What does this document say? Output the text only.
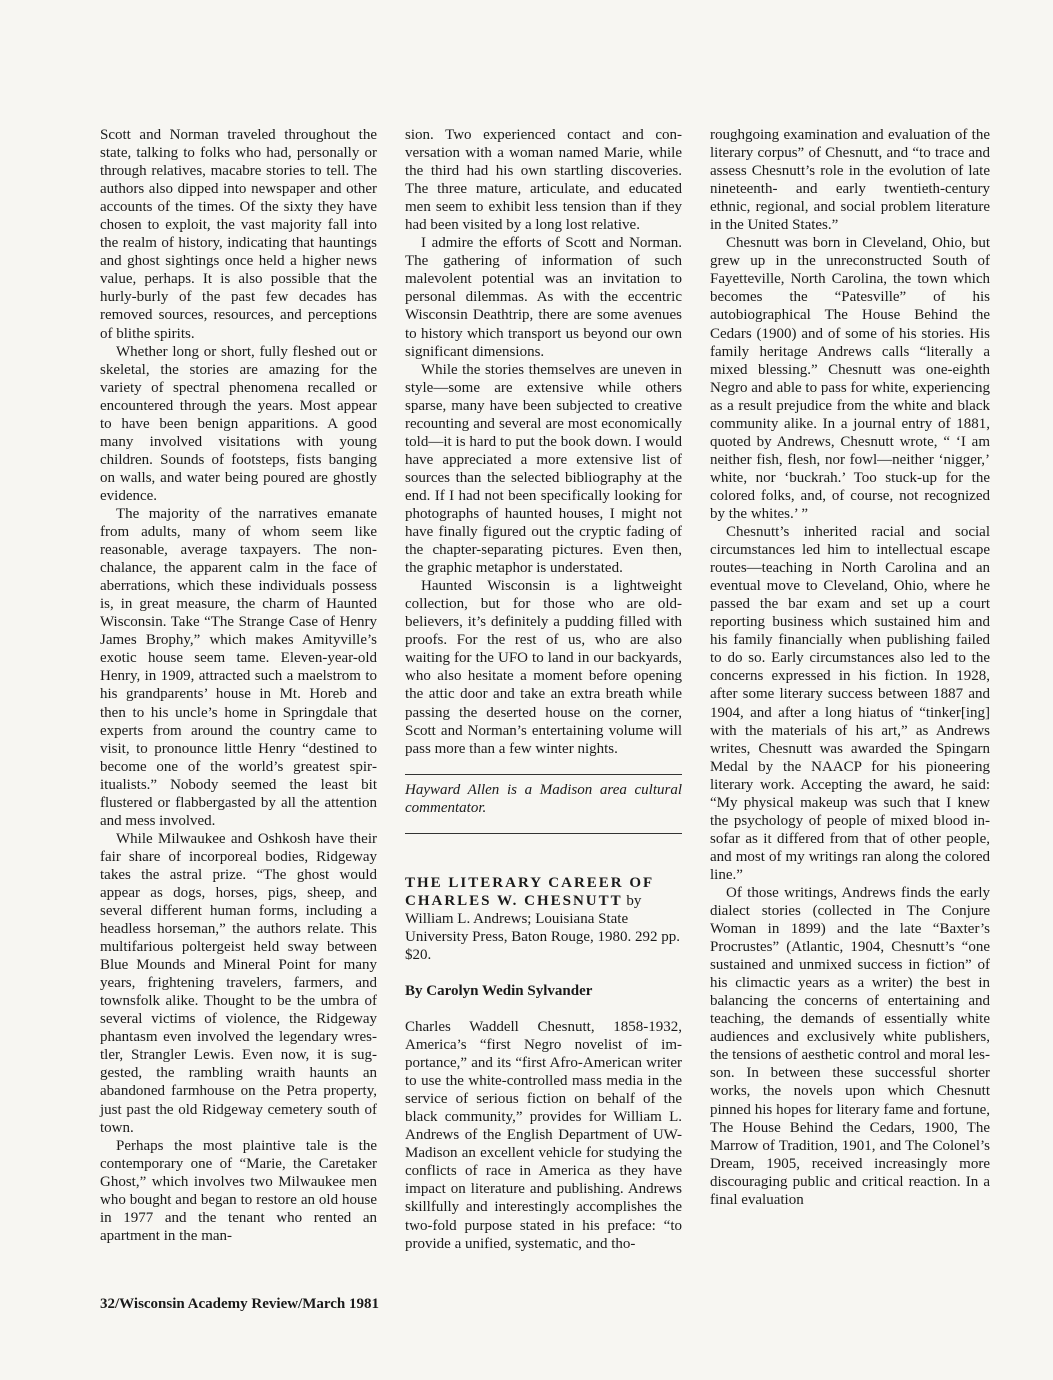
Scott and Norman traveled throughout the state, talking to folks who had, personally or through relatives, macabre stories to tell. The authors also dipped into newspaper and other accounts of the times. Of the sixty they have chosen to exploit, the vast majority fall into the realm of history, indicating that hauntings and ghost sightings once held a higher news value, perhaps. It is also possible that the hurly-burly of the past few decades has removed sources, resources, and perceptions of blithe spirits.

Whether long or short, fully fleshed out or skeletal, the stories are amazing for the variety of spectral phenomena recalled or encountered through the years. Most appear to have been benign apparitions. A good many involved visitations with young children. Sounds of footsteps, fists banging on walls, and water being poured are ghostly evidence.

The majority of the narratives emanate from adults, many of whom seem like reasonable, average taxpayers. The nonchalance, the apparent calm in the face of aberrations, which these individuals possess is, in great measure, the charm of Haunted Wisconsin. Take “The Strange Case of Henry James Brophy,” which makes Amityville’s exotic house seem tame. Eleven-year-old Henry, in 1909, attracted such a maelstrom to his grandparents’ house in Mt. Horeb and then to his uncle’s home in Springdale that experts from around the country came to visit, to pronounce little Henry “destined to become one of the world’s greatest spiritualists.” Nobody seemed the least bit flustered or flabbergasted by all the attention and mess involved.

While Milwaukee and Oshkosh have their fair share of incorporeal bodies, Ridgeway takes the astral prize. “The ghost would appear as dogs, horses, pigs, sheep, and several different human forms, including a headless horseman,” the authors relate. This multifarious poltergeist held sway between Blue Mounds and Mineral Point for many years, frightening travelers, farmers, and townsfolk alike. Thought to be the umbra of several victims of violence, the Ridgeway phantasm even involved the legendary wrestler, Strangler Lewis. Even now, it is suggested, the rambling wraith haunts an abandoned farmhouse on the Petra property, just past the old Ridgeway cemetery south of town.

Perhaps the most plaintive tale is the contemporary one of “Marie, the Caretaker Ghost,” which involves two Milwaukee men who bought and began to restore an old house in 1977 and the tenant who rented an apartment in the man-

sion. Two experienced contact and conversation with a woman named Marie, while the third had his own startling discoveries. The three mature, articulate, and educated men seem to exhibit less tension than if they had been visited by a long lost relative.

I admire the efforts of Scott and Norman. The gathering of information of such malevolent potential was an invitation to personal dilemmas. As with the eccentric Wisconsin Deathtrip, there are some avenues to history which transport us beyond our own significant dimensions.

While the stories themselves are uneven in style—some are extensive while others sparse, many have been subjected to creative recounting and several are most economically told—it is hard to put the book down. I would have appreciated a more extensive list of sources than the selected bibliography at the end. If I had not been specifically looking for photographs of haunted houses, I might not have finally figured out the cryptic fading of the chapter-separating pictures. Even then, the graphic metaphor is understated.

Haunted Wisconsin is a lightweight collection, but for those who are old-believers, it’s definitely a pudding filled with proofs. For the rest of us, who are also waiting for the UFO to land in our backyards, who also hesitate a moment before opening the attic door and take an extra breath while passing the deserted house on the corner, Scott and Norman’s entertaining volume will pass more than a few winter nights.

Hayward Allen is a Madison area cultural commentator.

THE LITERARY CAREER OF CHARLES W. CHESNUTT by William L. Andrews; Louisiana State University Press, Baton Rouge, 1980. 292 pp. $20.

By Carolyn Wedin Sylvander

Charles Waddell Chesnutt, 1858-1932, America’s “first Negro novelist of importance,” and its “first Afro-American writer to use the white-controlled mass media in the service of serious fiction on behalf of the black community,” provides for William L. Andrews of the English Department of UW-Madison an excellent vehicle for studying the conflicts of race in America as they have impact on literature and publishing. Andrews skillfully and interestingly accomplishes the two-fold purpose stated in his preface: “to provide a unified, systematic, and tho-

roughgoing examination and evaluation of the literary corpus” of Chesnutt, and “to trace and assess Chesnutt’s role in the evolution of late nineteenth- and early twentieth-century ethnic, regional, and social problem literature in the United States.”

Chesnutt was born in Cleveland, Ohio, but grew up in the unreconstructed South of Fayetteville, North Carolina, the town which becomes the “Patesville” of his autobiographical The House Behind the Cedars (1900) and of some of his stories. His family heritage Andrews calls “literally a mixed blessing.” Chesnutt was one-eighth Negro and able to pass for white, experiencing as a result prejudice from the white and black community alike. In a journal entry of 1881, quoted by Andrews, Chesnutt wrote, “ ‘I am neither fish, flesh, nor fowl—neither ‘nigger,’ white, nor ‘buckrah.’ Too stuck-up for the colored folks, and, of course, not recognized by the whites.’ ”

Chesnutt’s inherited racial and social circumstances led him to intellectual escape routes—teaching in North Carolina and an eventual move to Cleveland, Ohio, where he passed the bar exam and set up a court reporting business which sustained him and his family financially when publishing failed to do so. Early circumstances also led to the concerns expressed in his fiction. In 1928, after some literary success between 1887 and 1904, and after a long hiatus of “tinker[ing] with the materials of his art,” as Andrews writes, Chesnutt was awarded the Spingarn Medal by the NAACP for his pioneering literary work. Accepting the award, he said: “My physical makeup was such that I knew the psychology of people of mixed blood insofar as it differed from that of other people, and most of my writings ran along the colored line.”

Of those writings, Andrews finds the early dialect stories (collected in The Conjure Woman in 1899) and the late “Baxter’s Procrustes” (Atlantic, 1904, Chesnutt’s “one sustained and unmixed success in fiction” of his climactic years as a writer) the best in balancing the concerns of entertaining and teaching, the demands of essentially white audiences and exclusively white publishers, the tensions of aesthetic control and moral lesson. In between these successful shorter works, the novels upon which Chesnutt pinned his hopes for literary fame and fortune, The House Behind the Cedars, 1900, The Marrow of Tradition, 1901, and The Colonel’s Dream, 1905, received increasingly more discouraging public and critical reaction. In a final evaluation

32/Wisconsin Academy Review/March 1981
